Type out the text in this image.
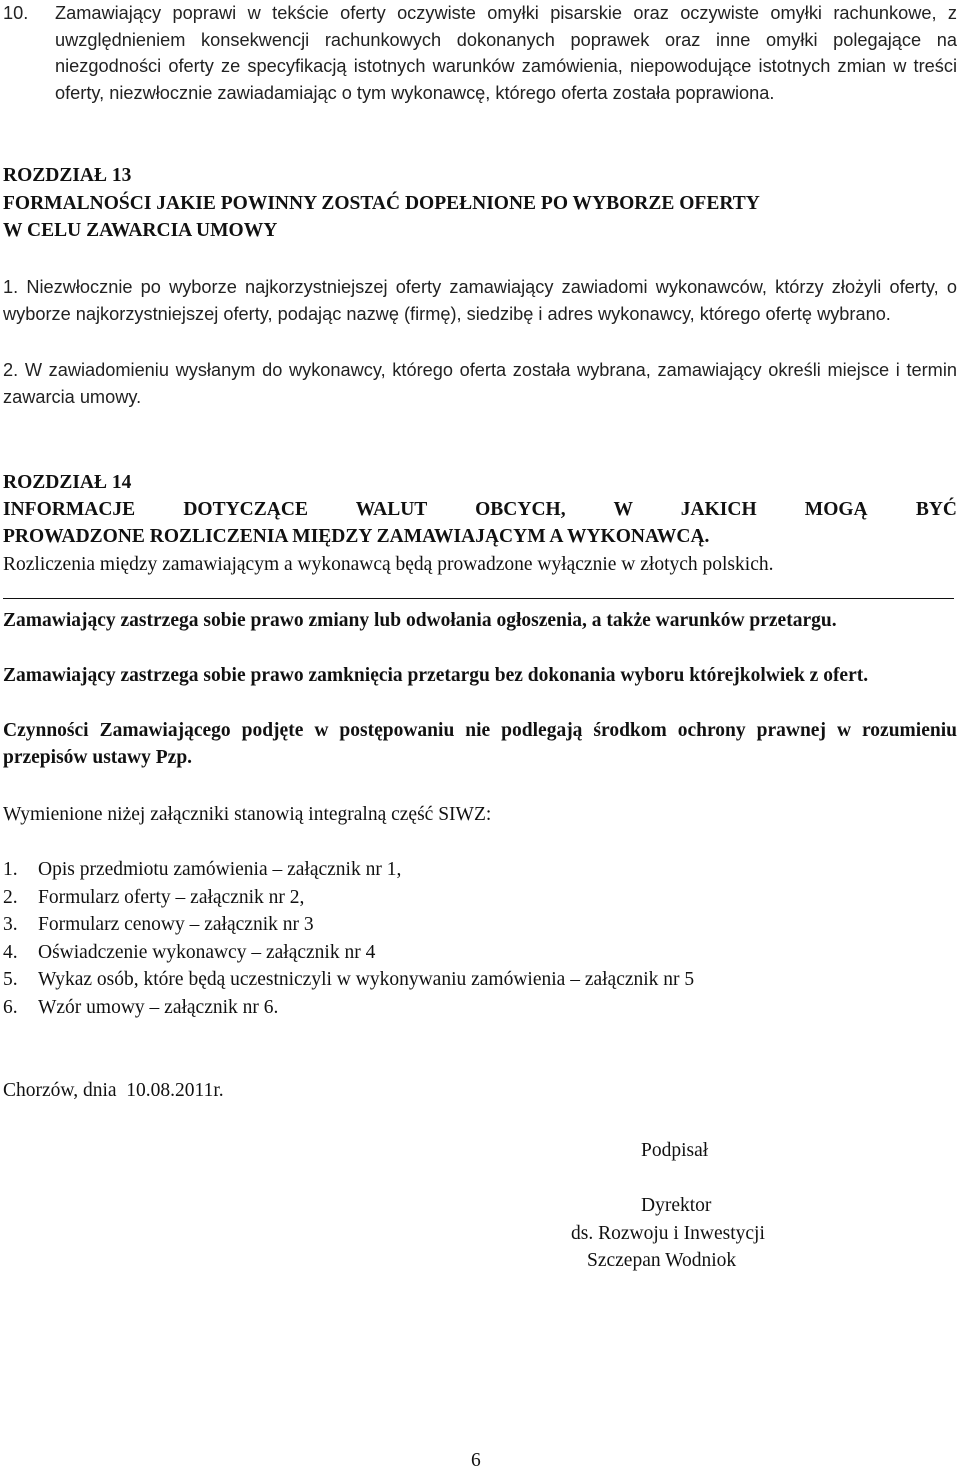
10.	Zamawiający poprawi w tekście oferty oczywiste omyłki pisarskie oraz oczywiste omyłki rachunkowe, z uwzględnieniem konsekwencji rachunkowych dokonanych poprawek oraz inne omyłki polegające na niezgodności oferty ze specyfikacją istotnych warunków zamówienia, niepowodujące istotnych zmian w treści oferty, niezwłocznie zawiadamiając o tym wykonawcę, którego oferta została poprawiona.
ROZDZIAŁ 13
FORMALNOŚCI JAKIE POWINNY ZOSTAĆ DOPEŁNIONE PO WYBORZE OFERTY
W CELU ZAWARCIA UMOWY
1. Niezwłocznie po wyborze najkorzystniejszej oferty zamawiający zawiadomi wykonawców, którzy złożyli oferty, o wyborze najkorzystniejszej oferty, podając nazwę (firmę), siedzibę i adres wykonawcy, którego ofertę wybrano.
2. W zawiadomieniu wysłanym do wykonawcy, którego oferta została wybrana, zamawiający określi miejsce i termin zawarcia umowy.
ROZDZIAŁ 14
INFORMACJE DOTYCZĄCE WALUT OBCYCH, W JAKICH MOGĄ BYĆ
PROWADZONE ROZLICZENIA MIĘDZY ZAMAWIAJĄCYM A WYKONAWCĄ.
Rozliczenia między zamawiającym a wykonawcą będą prowadzone wyłącznie w złotych polskich.
Zamawiający zastrzega sobie prawo zmiany lub odwołania ogłoszenia, a także warunków przetargu.
Zamawiający zastrzega sobie prawo zamknięcia przetargu bez dokonania wyboru którejkolwiek z ofert.
Czynności Zamawiającego podjęte w postępowaniu nie podlegają środkom ochrony prawnej w rozumieniu przepisów ustawy Pzp.
Wymienione niżej załączniki stanowią integralną część SIWZ:
1.	Opis przedmiotu zamówienia – załącznik nr 1,
2.	Formularz oferty – załącznik nr 2,
3.	Formularz cenowy – załącznik nr 3
4.	Oświadczenie wykonawcy – załącznik nr 4
5.	Wykaz osób, które będą uczestniczyli w wykonywaniu zamówienia – załącznik nr 5
6.	Wzór umowy – załącznik nr 6.
Chorzów, dnia  10.08.2011r.
Podpisał
Dyrektor
ds. Rozwoju i Inwestycji
Szczepan Wodniok
6
